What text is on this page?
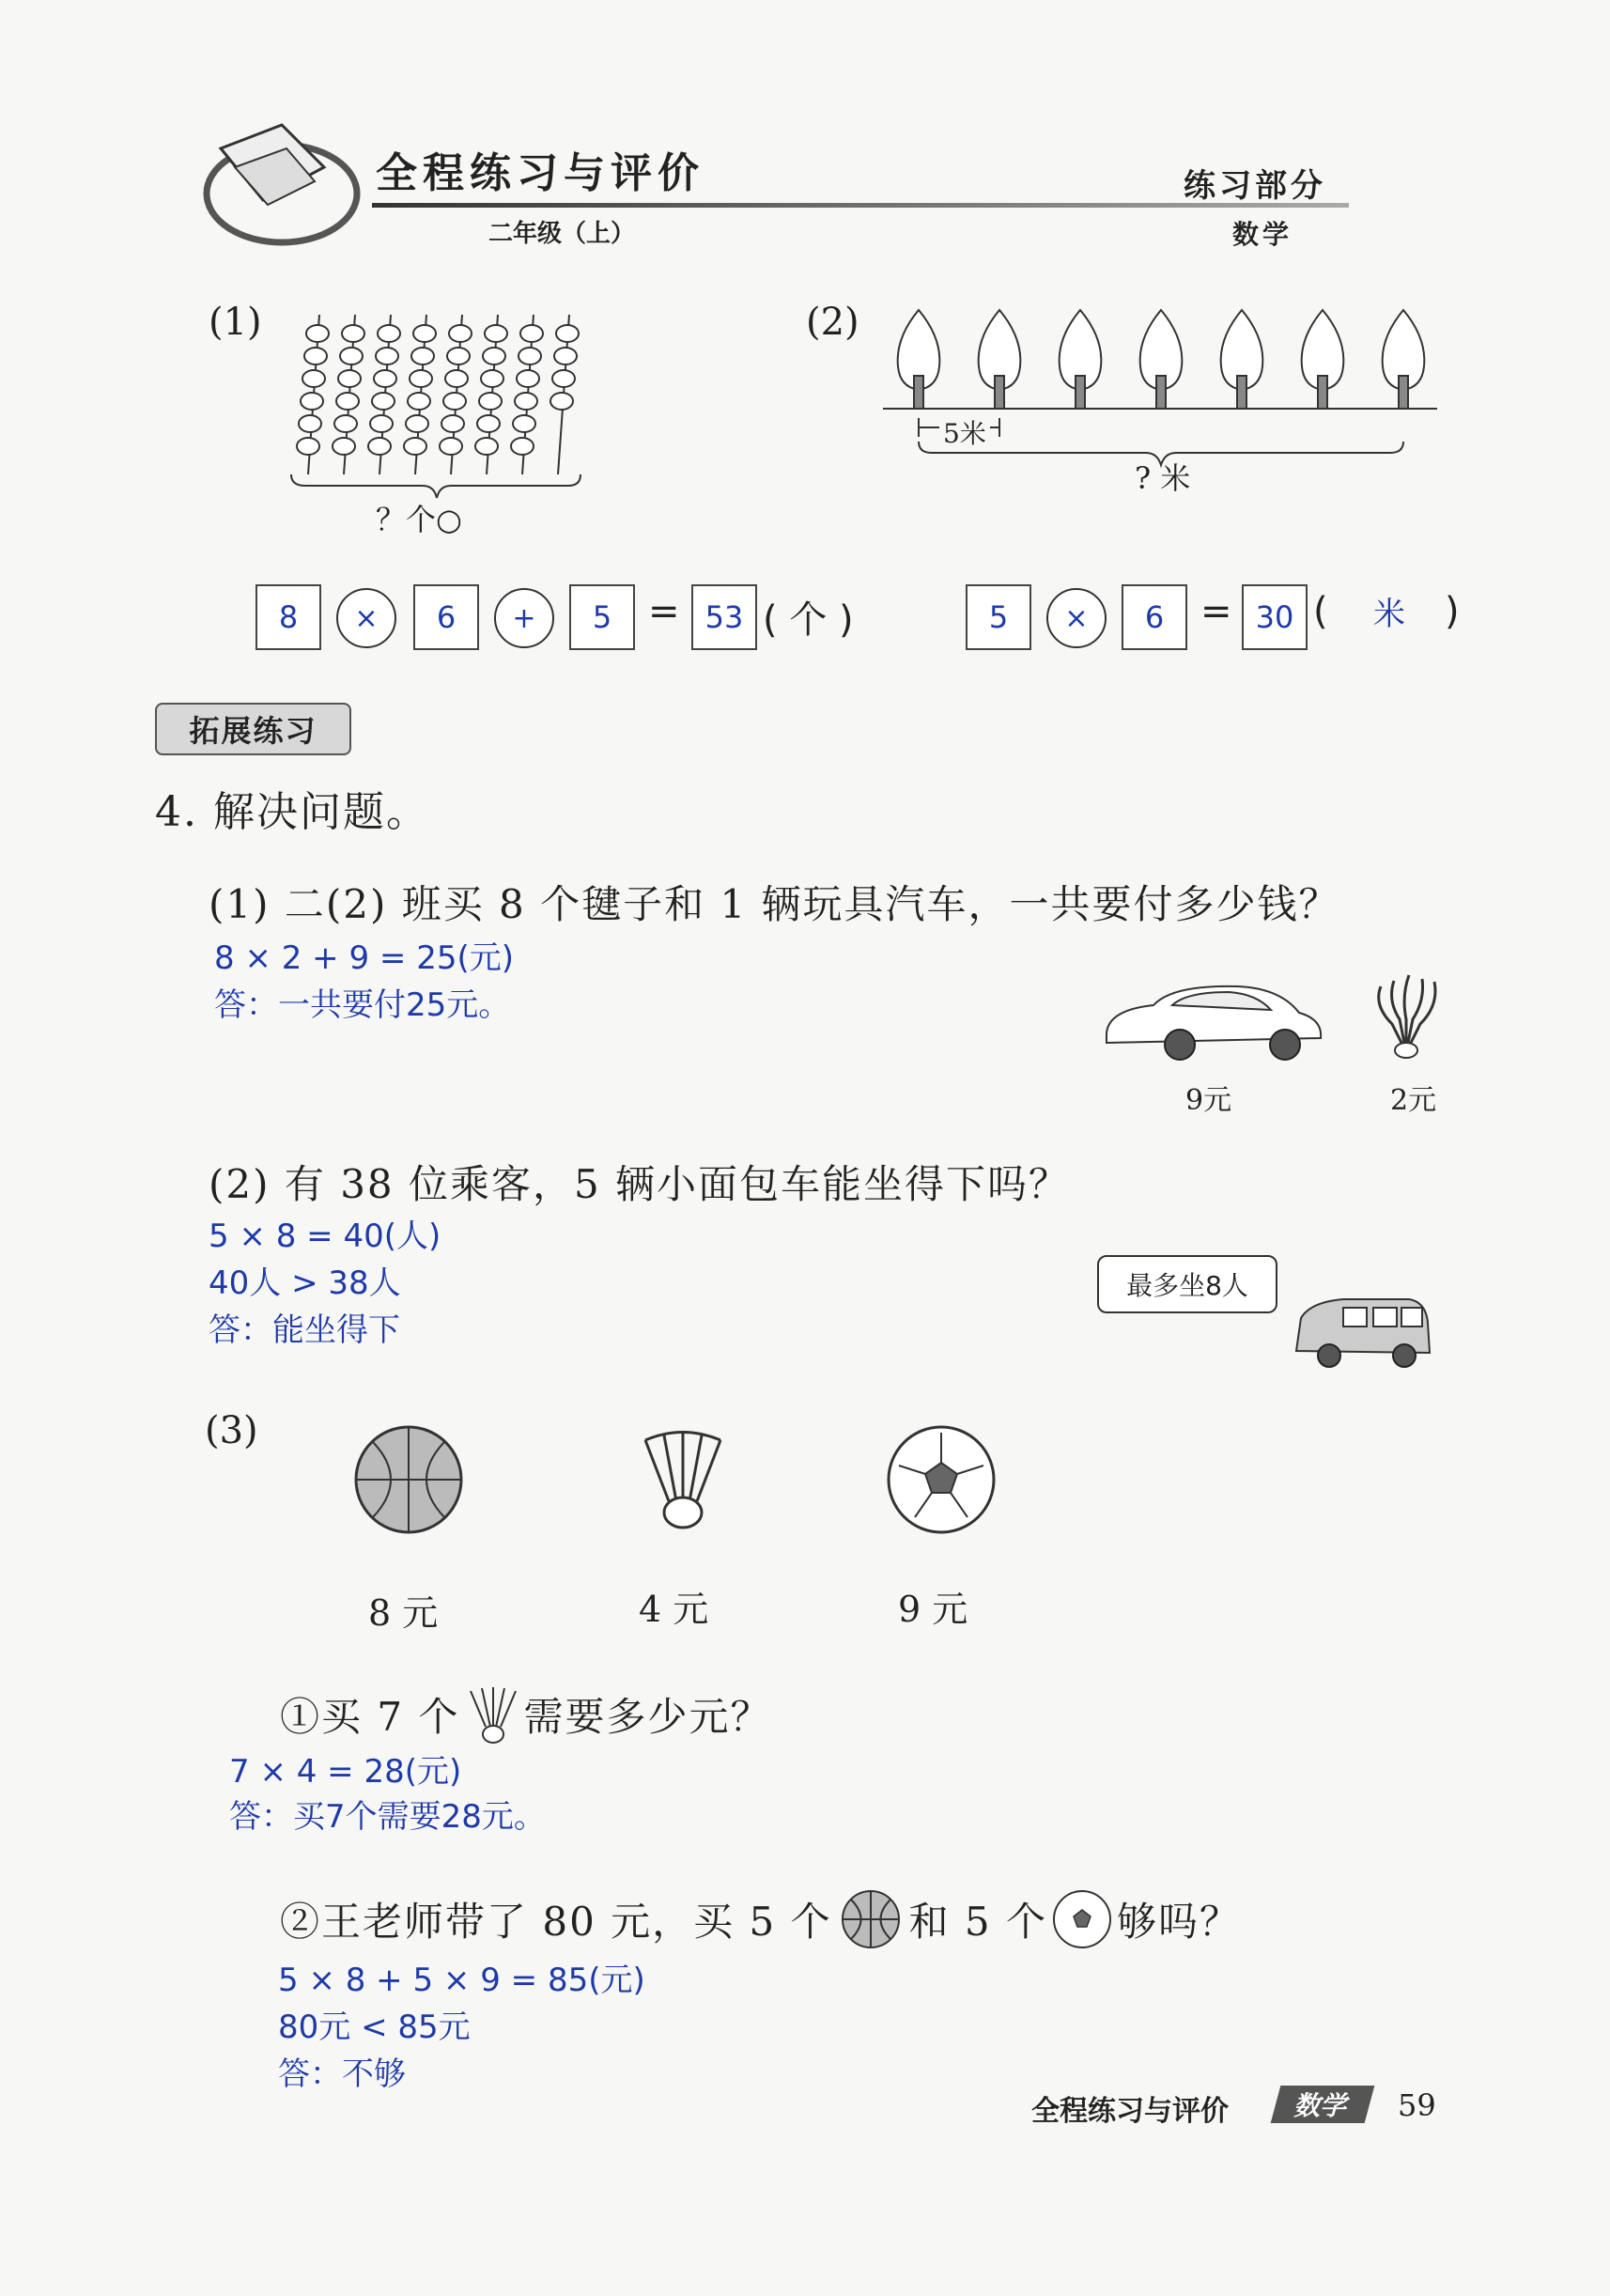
全程练习与评价
二年级（上）
练习部分
数学
(1)
？个○
8 × 6 + 5 = 53 ( 个 )
(2)
5米
? 米
5 × 6 = 30 ( 米 )
拓展练习
4. 解决问题。
(1) 二(2) 班买 8 个毽子和 1 辆玩具汽车，一共要付多少钱？
8 × 2 + 9 = 25(元)
答：一共要付25元。
9元	2元
(2) 有 38 位乘客，5 辆小面包车能坐得下吗？
5 × 8 = 40(人)
40人 > 38人
答：能坐得下
最多坐8人
(3)
8 元	4 元	9 元
①买 7 个 需要多少元？
7 × 4 = 28(元)
答：买7个需要28元。
②王老师带了 80 元，买 5 个 和 5 个 够吗？
5 × 8 + 5 × 9 = 85(元)
80元 < 85元
答：不够
全程练习与评价	数学	59
